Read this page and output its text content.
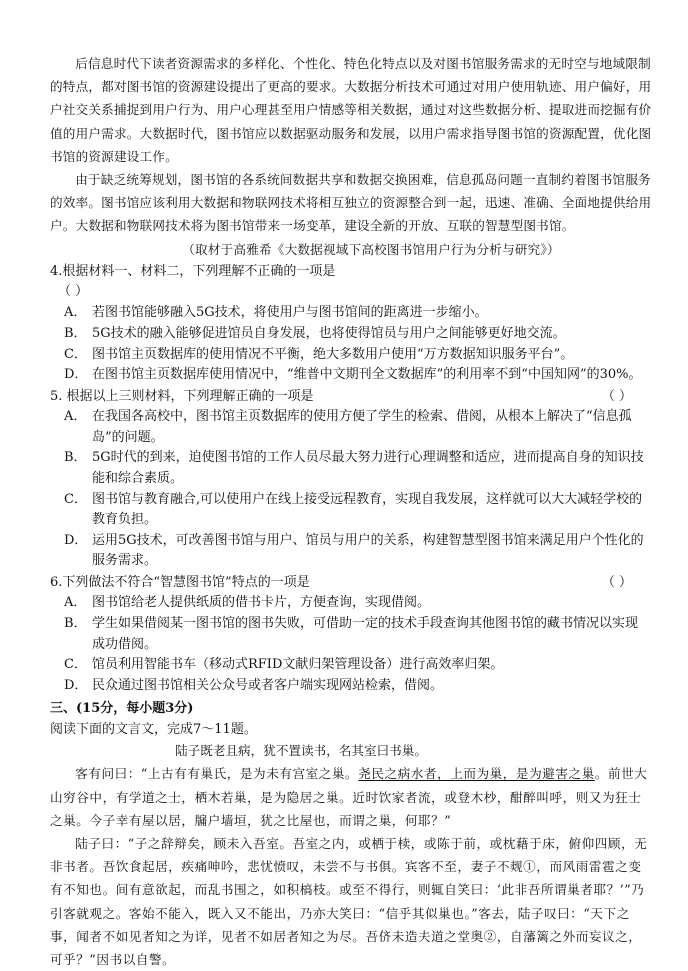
后信息时代下读者资源需求的多样化、个性化、特色化特点以及对图书馆服务需求的无时空与地域限制的特点，都对图书馆的资源建设提出了更高的要求。大数据分析技术可通过对用户使用轨迹、用户偏好，用户社交关系捕捉到用户行为、用户心理甚至用户情感等相关数据，通过对这些数据分析、提取进而挖掘有价值的用户需求。大数据时代，图书馆应以数据驱动服务和发展，以用户需求指导图书馆的资源配置，优化图书馆的资源建设工作。

由于缺乏统筹规划，图书馆的各系统间数据共享和数据交换困难，信息孤岛问题一直制约着图书馆服务的效率。图书馆应该利用大数据和物联网技术将相互独立的资源整合到一起，迅速、准确、全面地提供给用户。大数据和物联网技术将为图书馆带来一场变革，建设全新的开放、互联的智慧型图书馆。

（取材于高雅希《大数据视域下高校图书馆用户行为分析与研究》）

4.根据材料一、材料二，下列理解不正确的一项是

（ ）

A． 若图书馆能够融入5G技术，将使用户与图书馆间的距离进一步缩小。
B． 5G技术的融入能够促进馆员自身发展，也将使得馆员与用户之间能够更好地交流。
C． 图书馆主页数据库的使用情况不平衡，绝大多数用户使用“万方数据知识服务平台”。
D． 在图书馆主页数据库使用情况中，“维普中文期刊全文数据库”的利用率不到“中国知网”的30%。

5. 根据以上三则材料，下列理解正确的一项是	（ ）

A． 在我国各高校中，图书馆主页数据库的使用方便了学生的检索、借阅，从根本上解决了“信息孤岛”的问题。
B． 5G时代的到来，迫使图书馆的工作人员尽最大努力进行心理调整和适应，进而提高自身的知识技能和综合素质。
C． 图书馆与教育融合,可以使用户在线上接受远程教育，实现自我发展，这样就可以大大减轻学校的教育负担。
D． 运用5G技术，可改善图书馆与用户、馆员与用户的关系，构建智慧型图书馆来满足用户个性化的服务需求。

6.下列做法不符合“智慧图书馆”特点的一项是	（ ）

A． 图书馆给老人提供纸质的借书卡片，方便查询，实现借阅。
B． 学生如果借阅某一图书馆的图书失败，可借助一定的技术手段查询其他图书馆的藏书情况以实现成功借阅。
C． 馆员利用智能书车（移动式RFID文献归架管理设备）进行高效率归架。
D． 民众通过图书馆相关公众号或者客户端实现网站检索，借阅。

三、(15分，每小题3分)

阅读下面的文言文，完成7～11题。

陆子既老且病，犹不置读书，名其室曰书巢。

客有问曰：“上古有有巢氏，是为未有宫室之巢。尧民之病水者，上而为巢，是为避害之巢。前世大山穷谷中，有学道之士，栖木若巢，是为隐居之巢。近时饮家者流，或登木杪，酣醉叫呼，则又为狂士之巢。今子幸有屋以居，牖户墙垣，犹之比屋也，而谓之巢，何耶？”

陆子曰：“子之辞辩矣，顾未入吾室。吾室之内，或栖于椟，或陈于前，或枕藉于床，俯仰四顾，无非书者。吾饮食起居，疾痛呻吟，悲忧愤叹，未尝不与书俱。宾客不至，妻子不觌①，而风雨雷雹之变有不知也。间有意欲起，而乱书围之，如积槁枝。或至不得行，则辄自笑曰：‘此非吾所谓巢者耶？’”乃引客就观之。客始不能入，既入又不能出，乃亦大笑曰：“信乎其似巢也。”客去，陆子叹曰：“天下之事，闻者不如见者知之为详，见者不如居者知之为尽。吾侪未造夫道之堂奥②，自藩篱之外而妄议之，可乎？”因书以自警。
